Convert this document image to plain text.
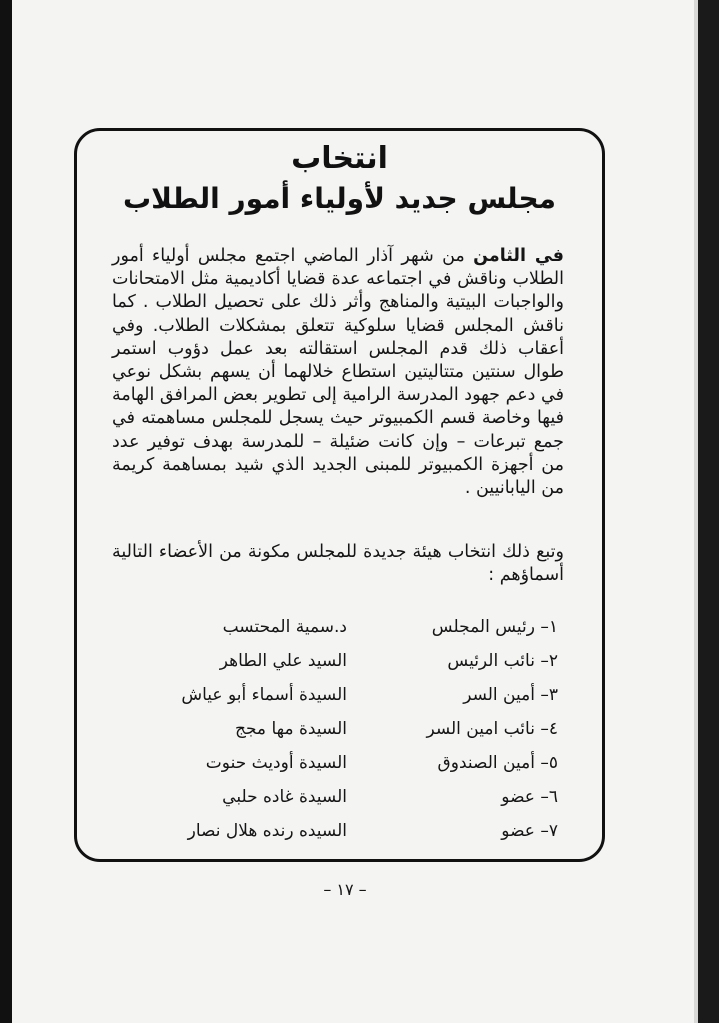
انتخاب
مجلس جديد لأولياء أمور الطلاب
في الثامن من شهر آذار الماضي اجتمع مجلس أولياء أمور الطلاب وناقش في اجتماعه عدة قضايا أكاديمية مثل الامتحانات والواجبات البيتية والمناهج وأثر ذلك على تحصيل الطلاب . كما ناقش المجلس قضايا سلوكية تتعلق بمشكلات الطلاب. وفي أعقاب ذلك قدم المجلس استقالته بعد عمل دؤوب استمر طوال سنتين متتاليتين استطاع خلالهما أن يسهم بشكل نوعي في دعم جهود المدرسة الرامية إلى تطوير بعض المرافق الهامة فيها وخاصة قسم الكمبيوتر حيث يسجل للمجلس مساهمته في جمع تبرعات – وإن كانت ضئيلة – للمدرسة بهدف توفير عدد من أجهزة الكمبيوتر للمبنى الجديد الذي شيد بمساهمة كريمة من اليابانيين .
وتبع ذلك انتخاب هيئة جديدة للمجلس مكونة من الأعضاء التالية أسماؤهم :
١– رئيس المجلس
د.سمية المحتسب
٢– نائب الرئيس
السيد علي الطاهر
٣– أمين السر
السيدة أسماء أبو عياش
٤– نائب امين السر
السيدة مها مجج
٥– أمين الصندوق
السيدة أوديث حنوت
٦– عضو
السيدة غاده حلبي
٧– عضو
السيده رنده هلال نصار
– ١٧ –
